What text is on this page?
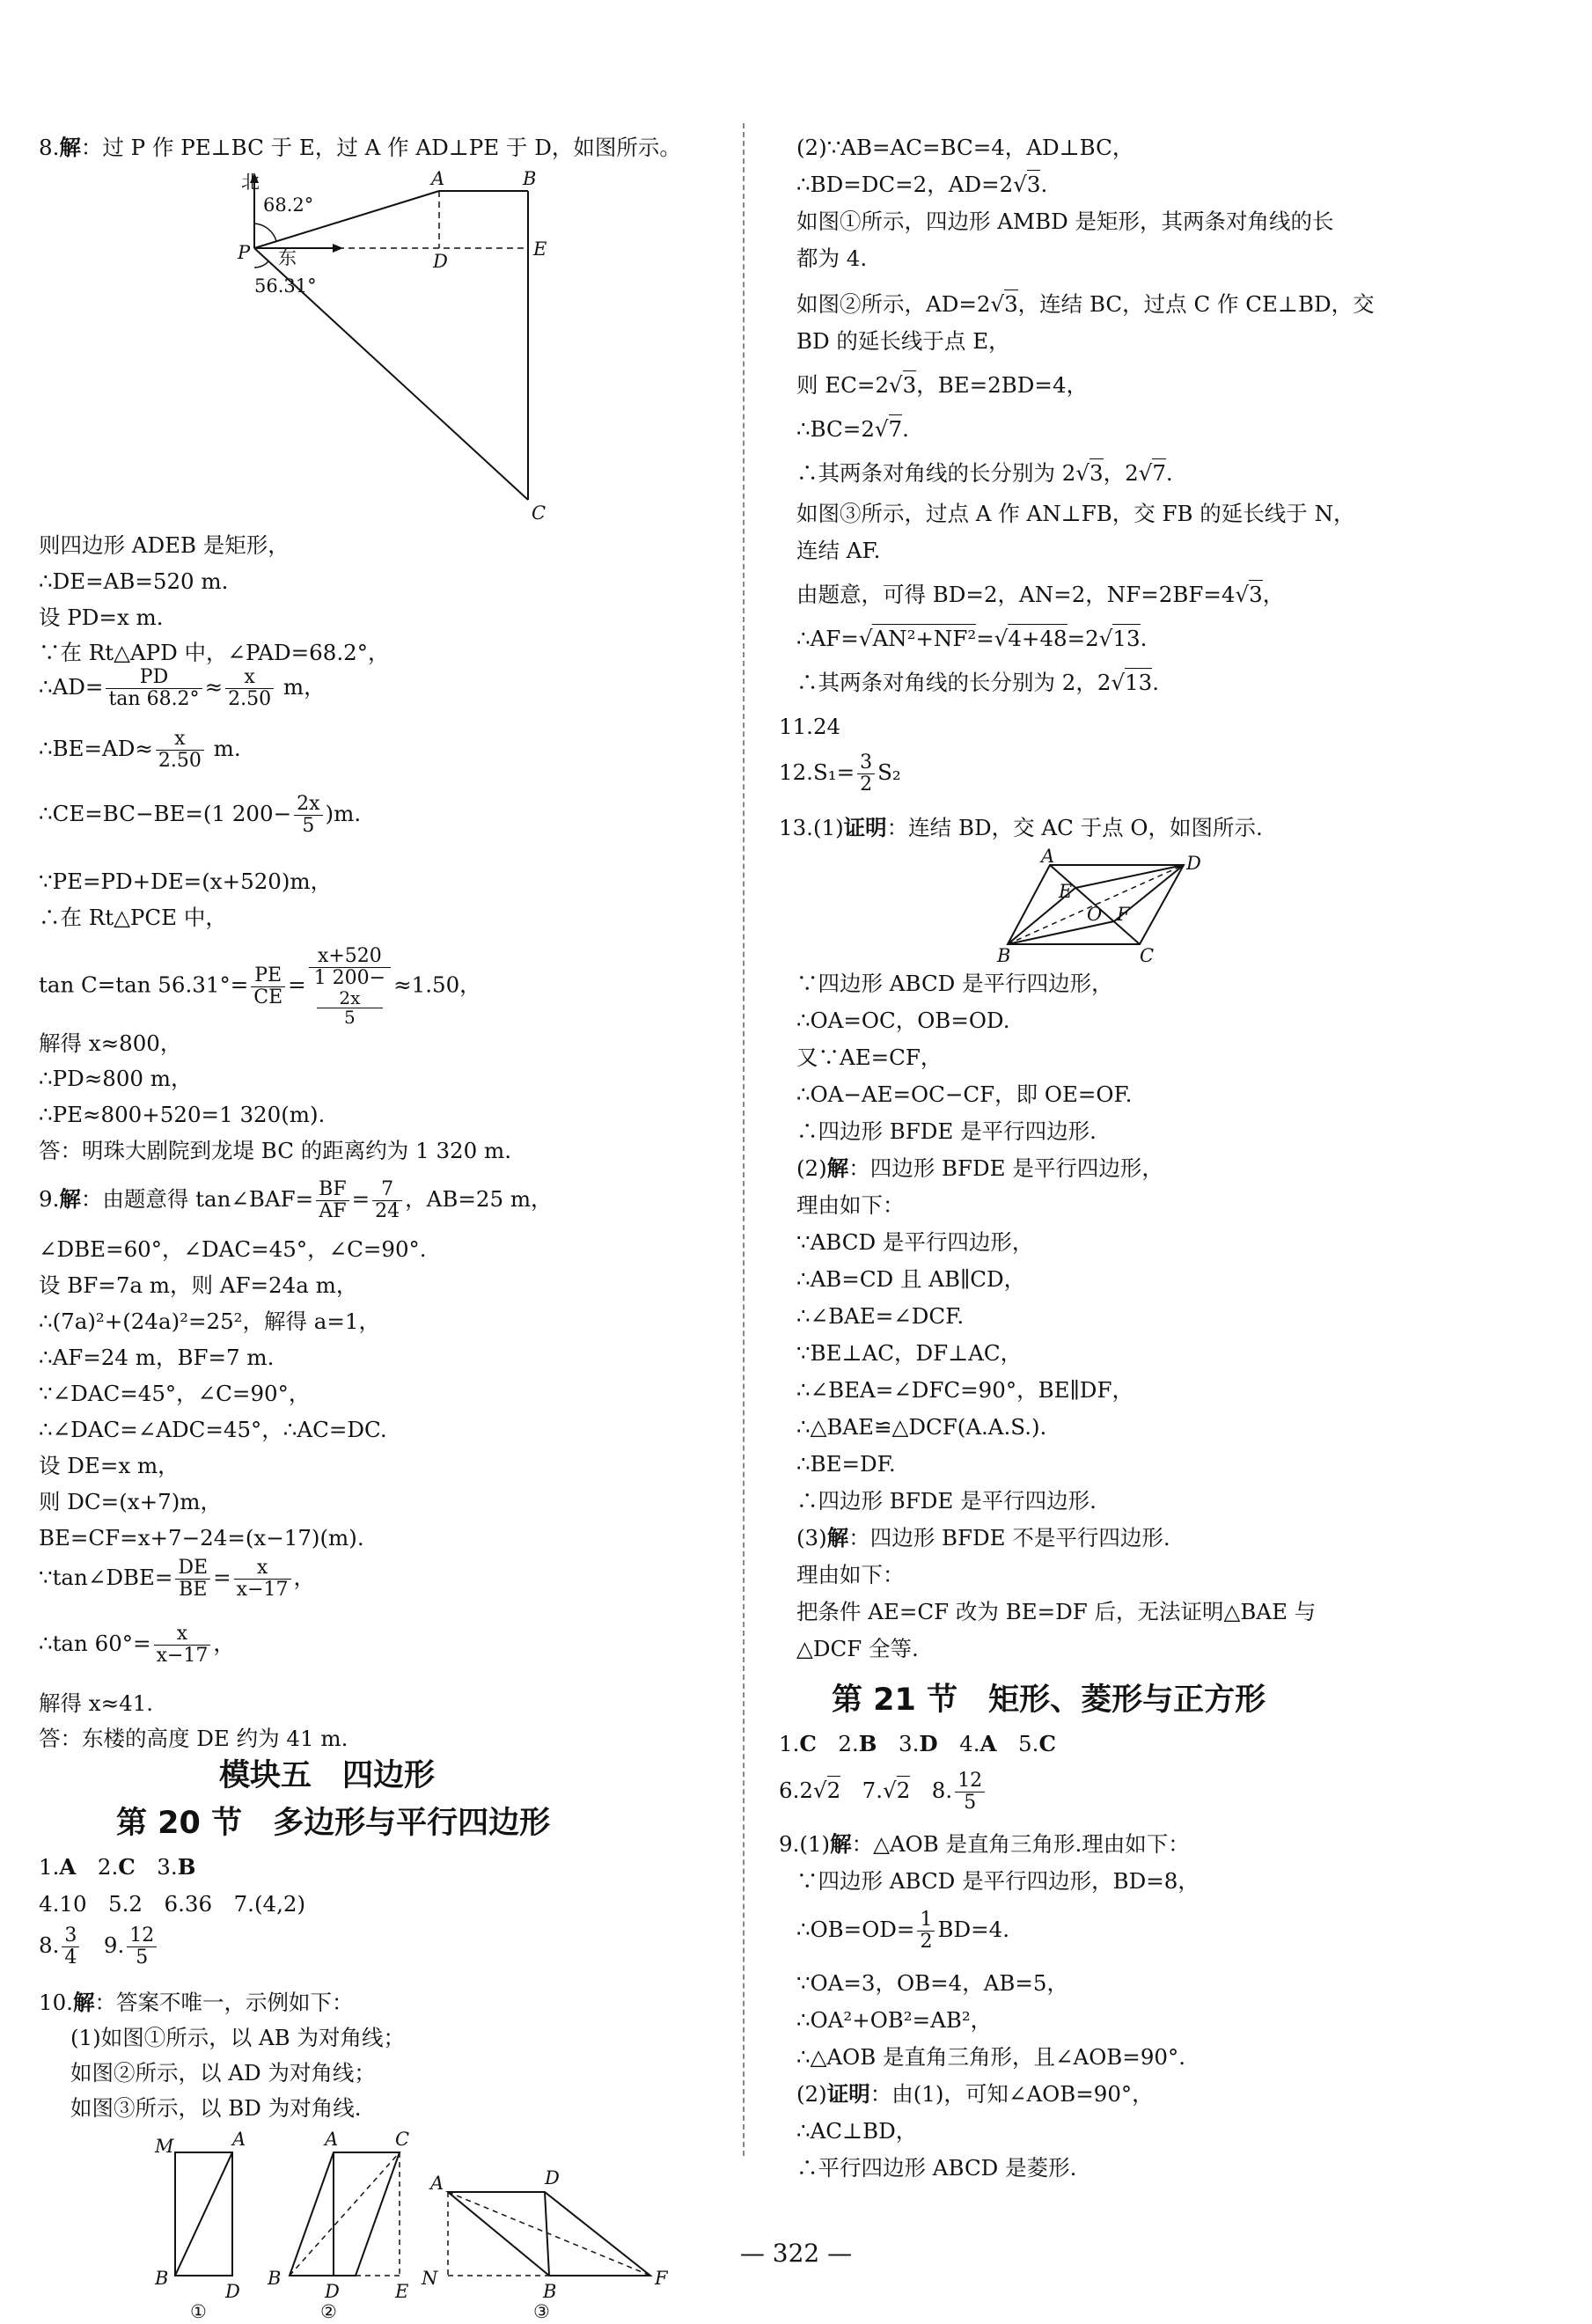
8.解：过 P 作 PE⊥BC 于 E，过 A 作 AD⊥PE 于 D，如图所示。
北
68.2°
A	B
P 东	D
E
56.31°
C
则四边形 ADEB 是矩形，
∴DE=AB=520 m.
设 PD=x m.
∵在 Rt△APD 中，∠PAD=68.2°，
∴AD= $\frac{PD}{\tan 68.2^\circ} \approx \frac{x}{2.50}$ m，
∴BE=AD≈ $\frac{x}{2.50} m$.
∴CE=BC−BE=(1 $200- \frac{2x}{5} )m$.
∵PE=PD+DE=(x+520)m，
∴在 Rt△PCE 中，
tan C=tan $56.31^\circ= \frac{PE}{CE} = x+520$
1 200−
2x
5 ≈1.50，
解得 x≈800，
∴PD≈800 m，
∴PE≈800+520=1 320(m).
答：明珠大剧院到龙堤 BC 的距离约为 1 320 m.
9.解：由题意得 tan∠BAF= $\frac{BF}{AF} = \frac{7}{24}$ ，AB=25 m，
∠DBE=60°，∠DAC=45°，∠C=90°.
设 BF=7a m，则 AF=24a m，
∴(7a)²+(24a)²=25²，解得 a=1，
∴AF=24 m，BF=7 m.
∵∠DAC=45°，∠C=90°，
∴∠DAC=∠ADC=45°，∴AC=DC.
设 DE=x m，
则 DC=(x+7)m，
BE=CF=x+7−24=(x−17)(m).
∵tan∠DBE= $\frac{DE}{BE} = \frac{x}{x-17}$ ，
∴tan $60^\circ= \frac{x}{x-17}$ ，
解得 x≈41.
答：东楼的高度 DE 约为 41 m.
模块五　四边形
第 20 节　多边形与平行四边形
1.A　 2.C　 3.B
4.10　5.2　6.36　7.(4,2)
8. $\frac{3}{4}$
　 9. $\frac{12}{5}$
10.解：答案不唯一，示例如下：
(1)如图①所示，以 AB 为对角线；
如图②所示，以 AD 为对角线；
如图③所示，以 BD 为对角线.
M	A
B
D
A	C
B
D	E
A	D
N
B
F
①	②	③
(2)∵AB=AC=BC=4，AD⊥BC，
∴BD=DC=2，AD=2√3.
如图①所示，四边形 AMBD 是矩形，其两条对角线的长
都为 4.
如图②所示，AD=2√3，连结 BC，过点 C 作 CE⊥BD，交
BD 的延长线于点 E，
则 EC=2√3，BE=2BD=4，
∴BC=2√7.
∴其两条对角线的长分别为 2√3，2√7.
如图③所示，过点 A 作 AN⊥FB，交 FB 的延长线于 N，
连结 AF.
由题意，可得 BD=2，AN=2，NF=2BF=4√3，
∴AF=√AN²+NF²=√4+48=2√13.
∴其两条对角线的长分别为 2，2√13.
11.24
$12.S_1= \frac{3}{2} S_2$
13.(1)证明：连结 BD，交 AC 于点 O，如图所示.
A	D
E
O F
B	C
∵四边形 ABCD 是平行四边形，
∴OA=OC，OB=OD.
又∵AE=CF，
∴OA−AE=OC−CF，即 OE=OF.
∴四边形 BFDE 是平行四边形.
(2)解：四边形 BFDE 是平行四边形，
理由如下：
∵ABCD 是平行四边形，
∴AB=CD 且 AB∥CD，
∴∠BAE=∠DCF.
∵BE⊥AC，DF⊥AC，
∴∠BEA=∠DFC=90°，BE∥DF，
∴△BAE≌△DCF(A.A.S.).
∴BE=DF.
∴四边形 BFDE 是平行四边形.
(3)解：四边形 BFDE 不是平行四边形.
理由如下：
把条件 AE=CF 改为 BE=DF 后，无法证明△BAE 与
△DCF 全等.
第 21 节　矩形、菱形与正方形
1.C　 2.B　 3.D　 4.A　 5.C
6.2√2　7.√2　8. $\frac{12}{5}$
9.(1)解：△AOB 是直角三角形.理由如下：
∵四边形 ABCD 是平行四边形，BD=8，
∴OB=OD= $\frac{1}{2} BD=4$.
∵OA=3，OB=4，AB=5，
∴OA²+OB²=AB²，
∴△AOB 是直角三角形，且∠AOB=90°.
(2)证明：由(1)，可知∠AOB=90°，
∴AC⊥BD，
∴平行四边形 ABCD 是菱形.
— 322 —
